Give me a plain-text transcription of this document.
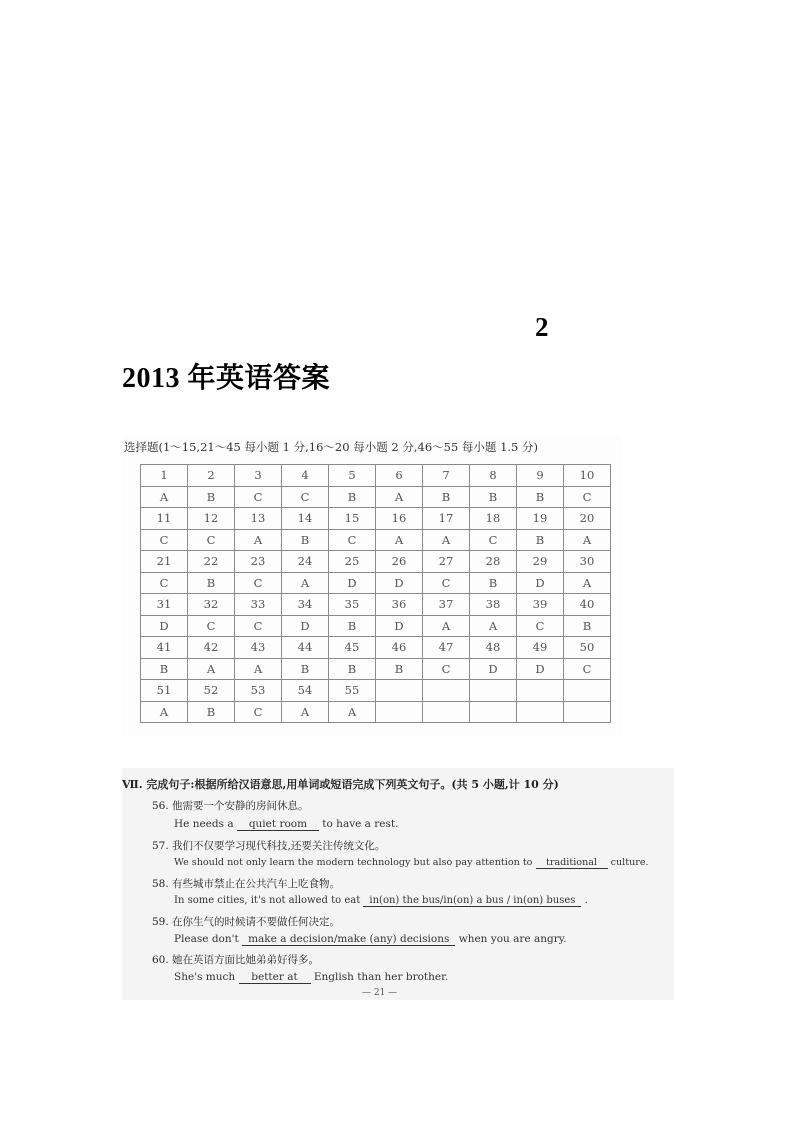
2
2013 年英语答案
选择题(1～15,21～45 每小题 1 分,16～20 每小题 2 分,46～55 每小题 1.5 分)
1	2	3	4	5	6	7	8	9	10
A	B	C	C	B	A	B	B	B	C
11	12	13	14	15	16	17	18	19	20
C	C	A	B	C	A	A	C	B	A
21	22	23	24	25	26	27	28	29	30
C	B	C	A	D	D	C	B	D	A
31	32	33	34	35	36	37	38	39	40
D	C	C	D	B	D	A	A	C	B
41	42	43	44	45	46	47	48	49	50
B	A	A	B	B	B	C	D	D	C
51	52	53	54	55					
A	B	C	A	A					
Ⅶ. 完成句子:根据所给汉语意思,用单词或短语完成下列英文句子。(共 5 小题,计 10 分)
56. 他需要一个安静的房间休息。
He needs a quiet room to have a rest.
57. 我们不仅要学习现代科技,还要关注传统文化。
We should not only learn the modern technology but also pay attention to traditional culture.
58. 有些城市禁止在公共汽车上吃食物。
In some cities, it's not allowed to eat in(on) the bus/in(on) a bus / in(on) buses .
59. 在你生气的时候请不要做任何决定。
Please don't make a decision/make (any) decisions when you are angry.
60. 她在英语方面比她弟弟好得多。
She's much better at English than her brother.
— 21 —
